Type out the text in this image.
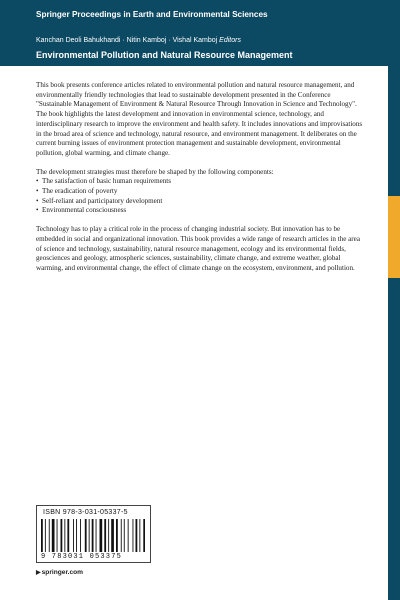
Springer Proceedings in Earth and Environmental Sciences
Kanchan Deoli Bahukhandi · Nitin Kamboj · Vishal Kamboj Editors
Environmental Pollution and Natural Resource Management

This book presents conference articles related to environmental pollution and natural resource management, and environmentally friendly technologies that lead to sustainable development presented in the Conference "Sustainable Management of Environment & Natural Resource Through Innovation in Science and Technology". The book highlights the latest development and innovation in environmental science, technology, and interdisciplinary research to improve the environment and health safety. It includes innovations and improvisations in the broad area of science and technology, natural resource, and environment management. It deliberates on the current burning issues of environment protection management and sustainable development, environmental pollution, global warming, and climate change.

The development strategies must therefore be shaped by the following components:

• The satisfaction of basic human requirements
• The eradication of poverty
• Self-reliant and participatory development
• Environmental consciousness

Technology has to play a critical role in the process of changing industrial society. But innovation has to be embedded in social and organizational innovation. This book provides a wide range of research articles in the area of science and technology, sustainability, natural resource management, ecology and its environmental fields, geosciences and geology, atmospheric sciences, sustainability, climate change, and extreme weather, global warming, and environmental change, the effect of climate change on the ecosystem, environment, and pollution.

ISBN 978-3-031-05337-5
9 783031 053375
▶springer.com
